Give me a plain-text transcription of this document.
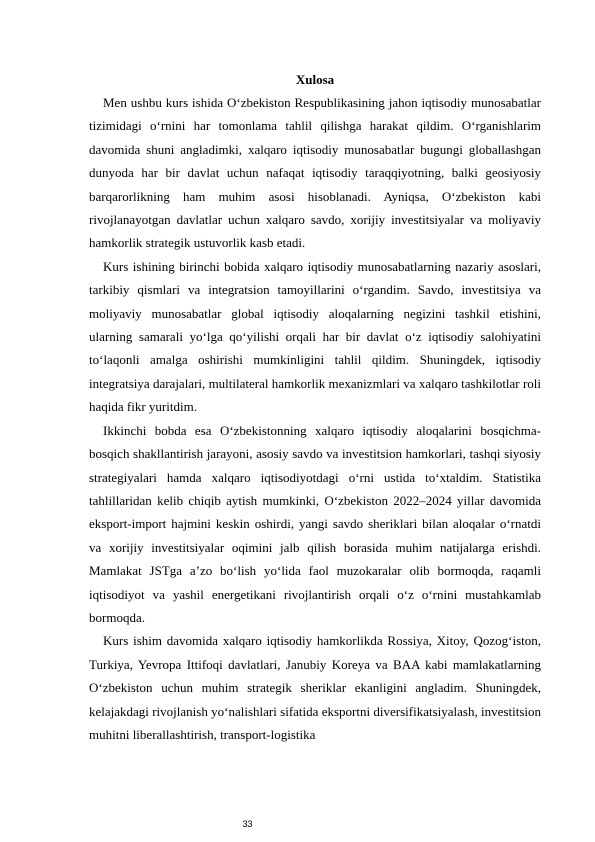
Xulosa

Men ushbu kurs ishida O‘zbekiston Respublikasining jahon iqtisodiy munosabatlar tizimidagi o‘rnini har tomonlama tahlil qilishga harakat qildim. O‘rganishlarim davomida shuni angladimki, xalqaro iqtisodiy munosabatlar bugungi globallashgan dunyoda har bir davlat uchun nafaqat iqtisodiy taraqqiyotning, balki geosiyosiy barqarorlikning ham muhim asosi hisoblanadi. Ayniqsa, O‘zbekiston kabi rivojlanayotgan davlatlar uchun xalqaro savdo, xorijiy investitsiyalar va moliyaviy hamkorlik strategik ustuvorlik kasb etadi.

Kurs ishining birinchi bobida xalqaro iqtisodiy munosabatlarning nazariy asoslari, tarkibiy qismlari va integratsion tamoyillarini o‘rgandim. Savdo, investitsiya va moliyaviy munosabatlar global iqtisodiy aloqalarning negizini tashkil etishini, ularning samarali yo‘lga qo‘yilishi orqali har bir davlat o‘z iqtisodiy salohiyatini to‘laqonli amalga oshirishi mumkinligini tahlil qildim. Shuningdek, iqtisodiy integratsiya darajalari, multilateral hamkorlik mexanizmlari va xalqaro tashkilotlar roli haqida fikr yuritdim.

Ikkinchi bobda esa O‘zbekistonning xalqaro iqtisodiy aloqalarini bosqichma-bosqich shakllantirish jarayoni, asosiy savdo va investitsion hamkorlari, tashqi siyosiy strategiyalari hamda xalqaro iqtisodiyotdagi o‘rni ustida to‘xtaldim. Statistika tahlillaridan kelib chiqib aytish mumkinki, O‘zbekiston 2022–2024 yillar davomida eksport-import hajmini keskin oshirdi, yangi savdo sheriklari bilan aloqalar o‘rnatdi va xorijiy investitsiyalar oqimini jalb qilish borasida muhim natijalarga erishdi. Mamlakat JSTga a’zo bo‘lish yo‘lida faol muzokaralar olib bormoqda, raqamli iqtisodiyot va yashil energetikani rivojlantirish orqali o‘z o‘rnini mustahkamlab bormoqda.

Kurs ishim davomida xalqaro iqtisodiy hamkorlikda Rossiya, Xitoy, Qozog‘iston, Turkiya, Yevropa Ittifoqi davlatlari, Janubiy Koreya va BAA kabi mamlakatlarning O‘zbekiston uchun muhim strategik sheriklar ekanligini angladim. Shuningdek, kelajakdagi rivojlanish yo‘nalishlari sifatida eksportni diversifikatsiyalash, investitsion muhitni liberallashtirish, transport-logistika

33
